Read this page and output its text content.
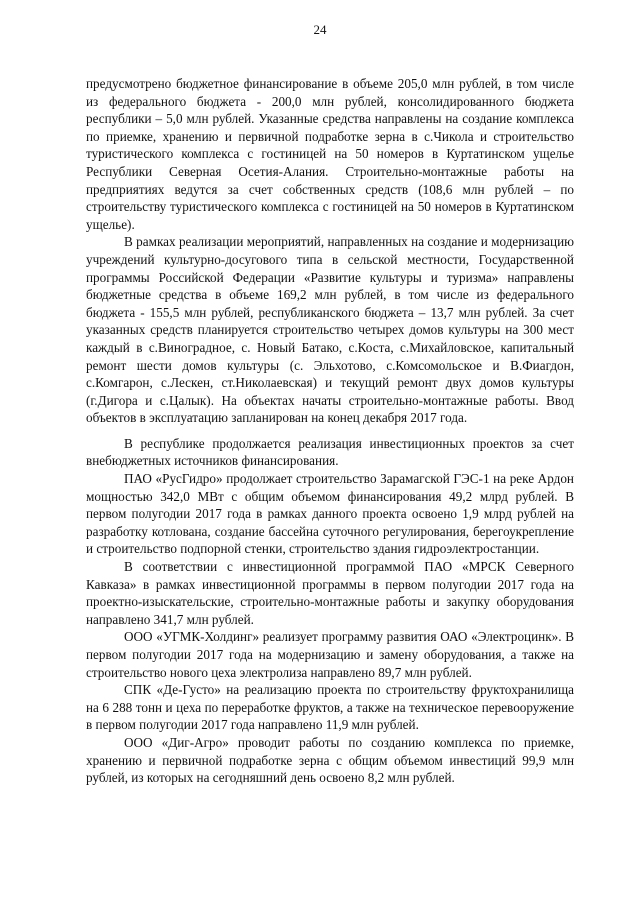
24

предусмотрено бюджетное финансирование в объеме 205,0 млн рублей, в том числе из федерального бюджета - 200,0 млн рублей, консолидированного бюджета республики – 5,0 млн рублей. Указанные средства направлены на создание комплекса по приемке, хранению и первичной подработке зерна в с.Чикола и строительство туристического комплекса с гостиницей на 50 номеров в Куртатинском ущелье Республики Северная Осетия-Алания. Строительно-монтажные работы на предприятиях ведутся за счет собственных средств (108,6 млн рублей – по строительству туристического комплекса с гостиницей на 50 номеров в Куртатинском ущелье).

В рамках реализации мероприятий, направленных на создание и модернизацию учреждений культурно-досугового типа в сельской местности, Государственной программы Российской Федерации «Развитие культуры и туризма» направлены бюджетные средства в объеме 169,2 млн рублей, в том числе из федерального бюджета - 155,5 млн рублей, республиканского бюджета – 13,7 млн рублей. За счет указанных средств планируется строительство четырех домов культуры на 300 мест каждый в с.Виноградное, с. Новый Батако, с.Коста, с.Михайловское, капитальный ремонт шести домов культуры (с. Эльхотово, с.Комсомольское и В.Фиагдон, с.Комгарон, с.Лескен, ст.Николаевская) и текущий ремонт двух домов культуры (г.Дигора и с.Цалык). На объектах начаты строительно-монтажные работы. Ввод объектов в эксплуатацию запланирован на конец декабря 2017 года.

В республике продолжается реализация инвестиционных проектов за счет внебюджетных источников финансирования.

ПАО «РусГидро» продолжает строительство Зарамагской ГЭС-1 на реке Ардон мощностью 342,0 МВт с общим объемом финансирования 49,2 млрд рублей. В первом полугодии 2017 года в рамках данного проекта освоено 1,9 млрд рублей на разработку котлована, создание бассейна суточного регулирования, берегоукрепление и строительство подпорной стенки, строительство здания гидроэлектростанции.

В соответствии с инвестиционной программой ПАО «МРСК Северного Кавказа» в рамках инвестиционной программы в первом полугодии 2017 года на проектно-изыскательские, строительно-монтажные работы и закупку оборудования направлено 341,7 млн рублей.

ООО «УГМК-Холдинг» реализует программу развития ОАО «Электроцинк». В первом полугодии 2017 года на модернизацию и замену оборудования, а также на строительство нового цеха электролиза направлено 89,7 млн рублей.

СПК «Де-Густо» на реализацию проекта по строительству фруктохранилища на 6 288 тонн и цеха по переработке фруктов, а также на техническое перевооружение в первом полугодии 2017 года направлено 11,9 млн рублей.

ООО «Диг-Агро» проводит работы по созданию комплекса по приемке, хранению и первичной подработке зерна с общим объемом инвестиций 99,9 млн рублей, из которых на сегодняшний день освоено 8,2 млн рублей.
